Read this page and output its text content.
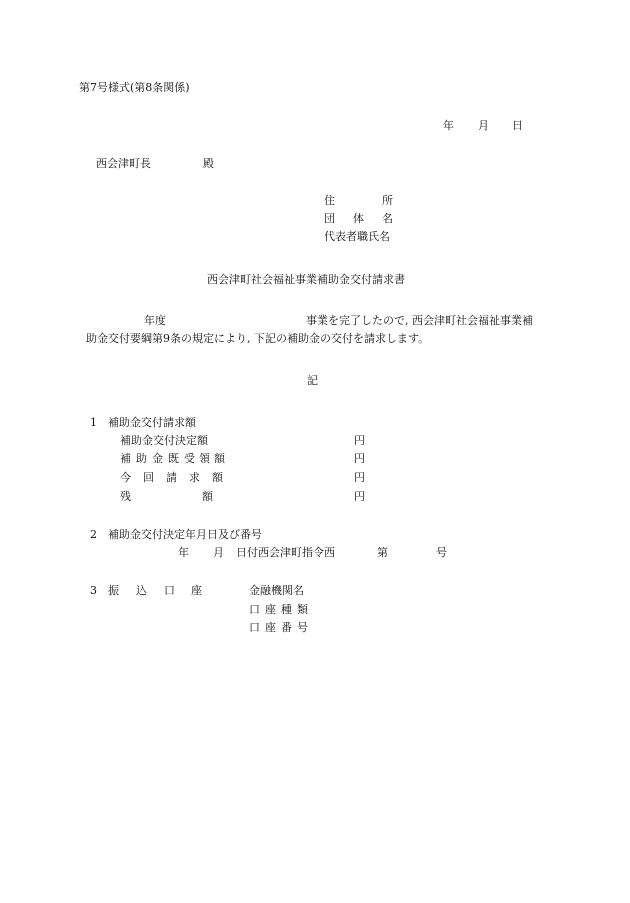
第7号様式(第8条関係)
年 月 日
西会津町長	殿
住	所
団 体 名
代表者職氏名
西会津町社会福祉事業補助金交付請求書
年度	事業を完了したので, 西会津町社会福祉事業補
助金交付要綱第9条の規定により, 下記の補助金の交付を請求します。
記
1 補助金交付請求額
補助金交付決定額	円
補 助 金 既 受 領 額	円
今 回 請 求 額	円
残	額	円
2 補助金交付決定年月日及び番号
年 月 日付西会津町指令西	第	号
3 振 込 口 座	金融機関名
口 座 種 類
口 座 番 号
